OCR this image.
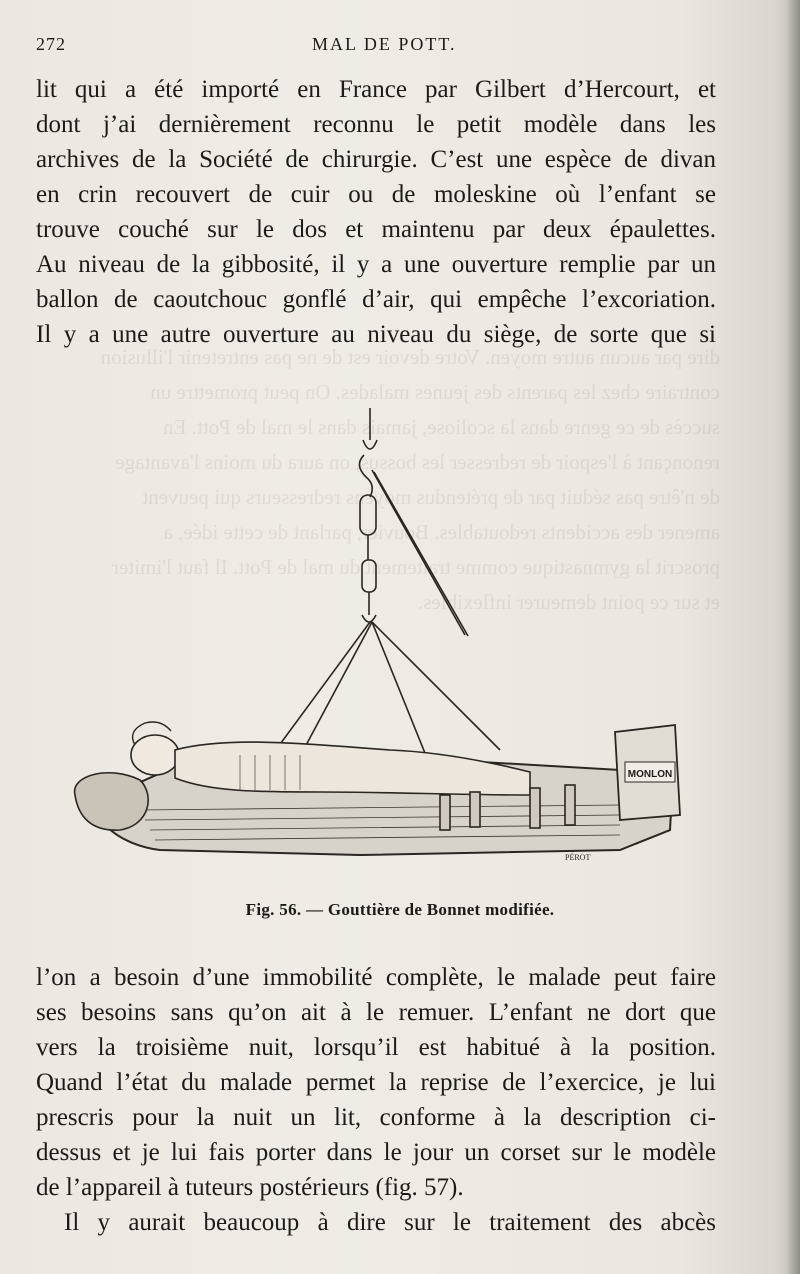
dire par aucun autre moyen. Votre devoir est de ne pas entretenir l'illusion contraire chez les parents des jeunes malades. On peut promettre un succès de ce genre dans la scoliose, jamais dans le mal de Pott. En renonçant à l'espoir de redresser les bossus, on aura du moins l'avantage de n'être pas séduit par de prétendus moyens redresseurs qui peuvent amener des accidents redoutables. Bouvier, parlant de cette idée, a proscrit la gymnastique comme traitement du mal de Pott. Il faut l'imiter et sur ce point demeurer inflexibles.
272	MAL DE POTT.
lit qui a été importé en France par Gilbert d’Hercourt, et
dont j’ai dernièrement reconnu le petit modèle dans les
archives de la Société de chirurgie. C’est une espèce de divan
en crin recouvert de cuir ou de moleskine où l’enfant se
trouve couché sur le dos et maintenu par deux épaulettes.
Au niveau de la gibbosité, il y a une ouverture remplie par un
ballon de caoutchouc gonflé d’air, qui empêche l’excoriation.
Il y a une autre ouverture au niveau du siège, de sorte que si
MONLON
PÉROT
Fig. 56. — Gouttière de Bonnet modifiée.
l’on a besoin d’une immobilité complète, le malade peut faire
ses besoins sans qu’on ait à le remuer. L’enfant ne dort que
vers la troisième nuit, lorsqu’il est habitué à la position.
Quand l’état du malade permet la reprise de l’exercice, je lui
prescris pour la nuit un lit, conforme à la description ci-
dessus et je lui fais porter dans le jour un corset sur le modèle
de l’appareil à tuteurs postérieurs (fig. 57).
Il y aurait beaucoup à dire sur le traitement des abcès
